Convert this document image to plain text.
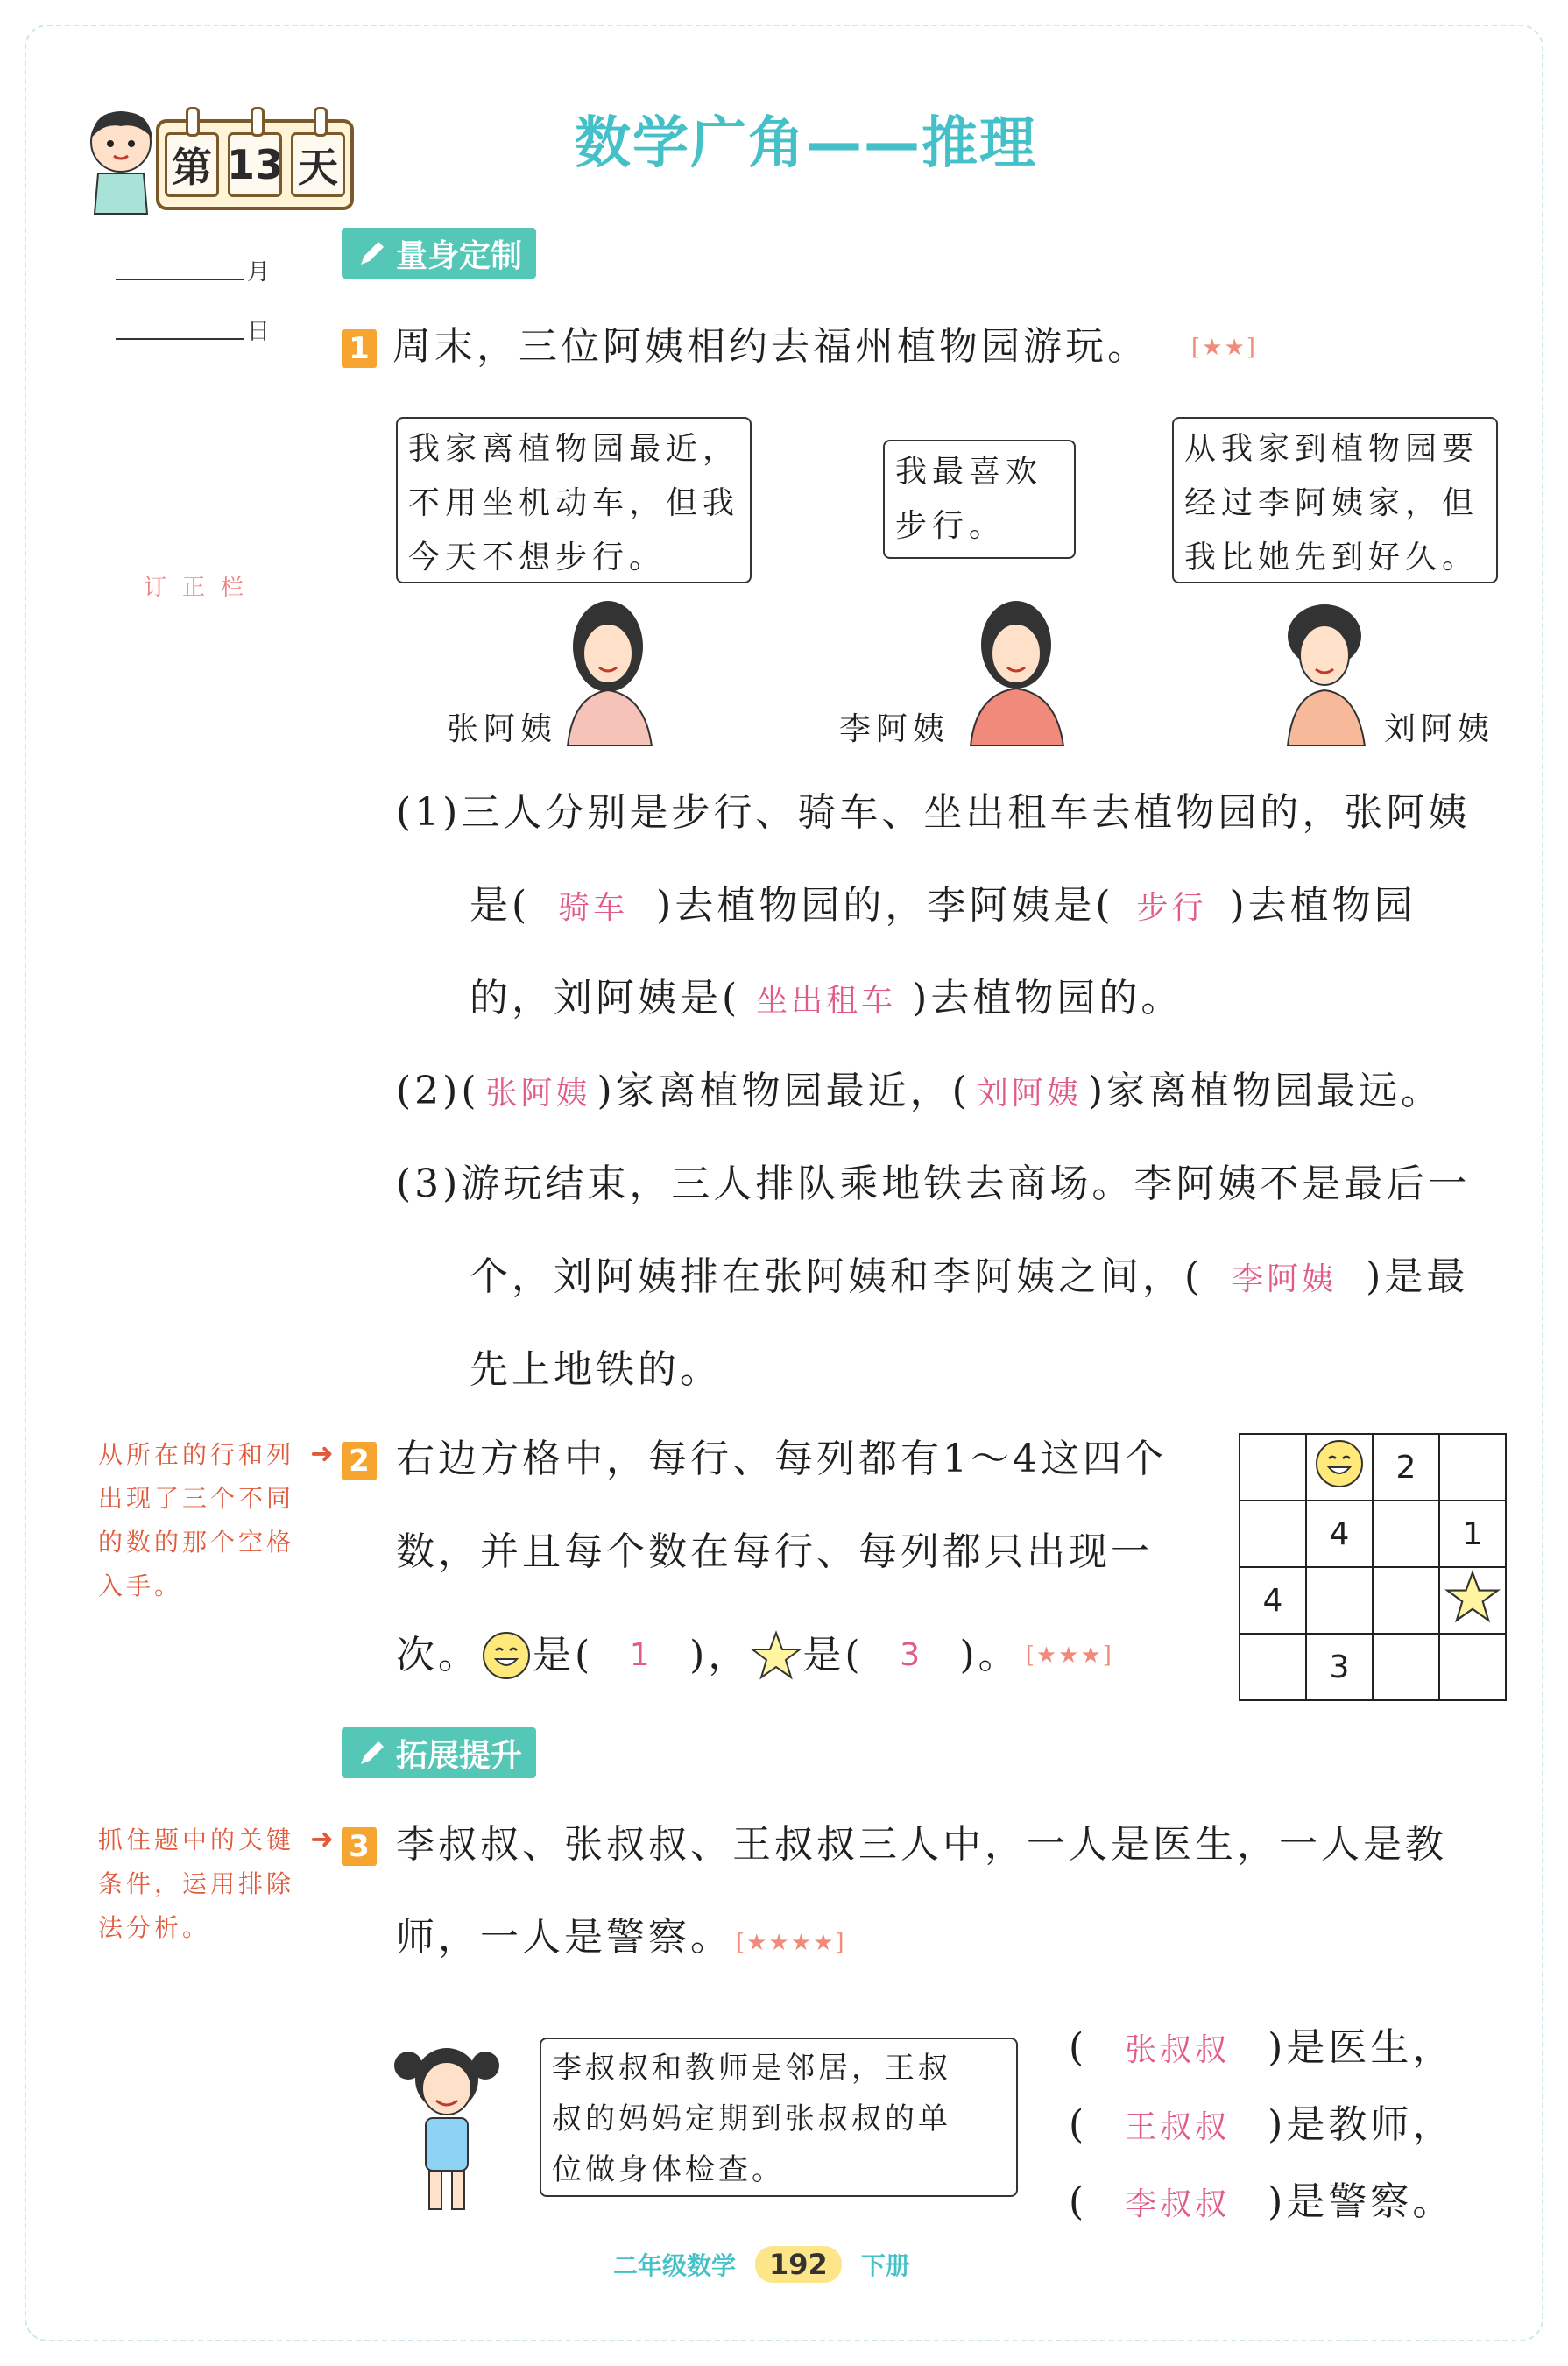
第 13 天	数学广角——推理
月
日
订正栏
量身定制
1 周末，三位阿姨相约去福州植物园游玩。 [★★]
我家离植物园最近，
不用坐机动车，但我
今天不想步行。
我最喜欢
步行。
从我家到植物园要
经过李阿姨家，但
我比她先到好久。
张阿姨	李阿姨	刘阿姨
(1)三人分别是步行、骑车、坐出租车去植物园的，张阿姨
是( 骑车 )去植物园的，李阿姨是( 步行 )去植物园
的，刘阿姨是( 坐出租车 )去植物园的。
(2)( 张阿姨 )家离植物园最近，( 刘阿姨 )家离植物园最远。
(3)游玩结束，三人排队乘地铁去商场。李阿姨不是最后一
个，刘阿姨排在张阿姨和李阿姨之间，( 李阿姨 )是最
先上地铁的。
从所在的行和列
出现了三个不同
的数的那个空格
入手。
➜ 2 右边方格中，每行、每列都有1～4这四个
数，并且每个数在每行、每列都只出现一
次。 是(	1 )， 是(	3 )。 [★★★]
		2	
	4		1
4			
	3		
拓展提升
抓住题中的关键
条件，运用排除
法分析。
➜ 3 李叔叔、张叔叔、王叔叔三人中，一人是医生，一人是教
师，一人是警察。 [★★★★]
李叔叔和教师是邻居，王叔
叔的妈妈定期到张叔叔的单
位做身体检查。
( 张叔叔 )是医生，
( 王叔叔 )是教师，
( 李叔叔 )是警察。
二年级数学	192	下册
